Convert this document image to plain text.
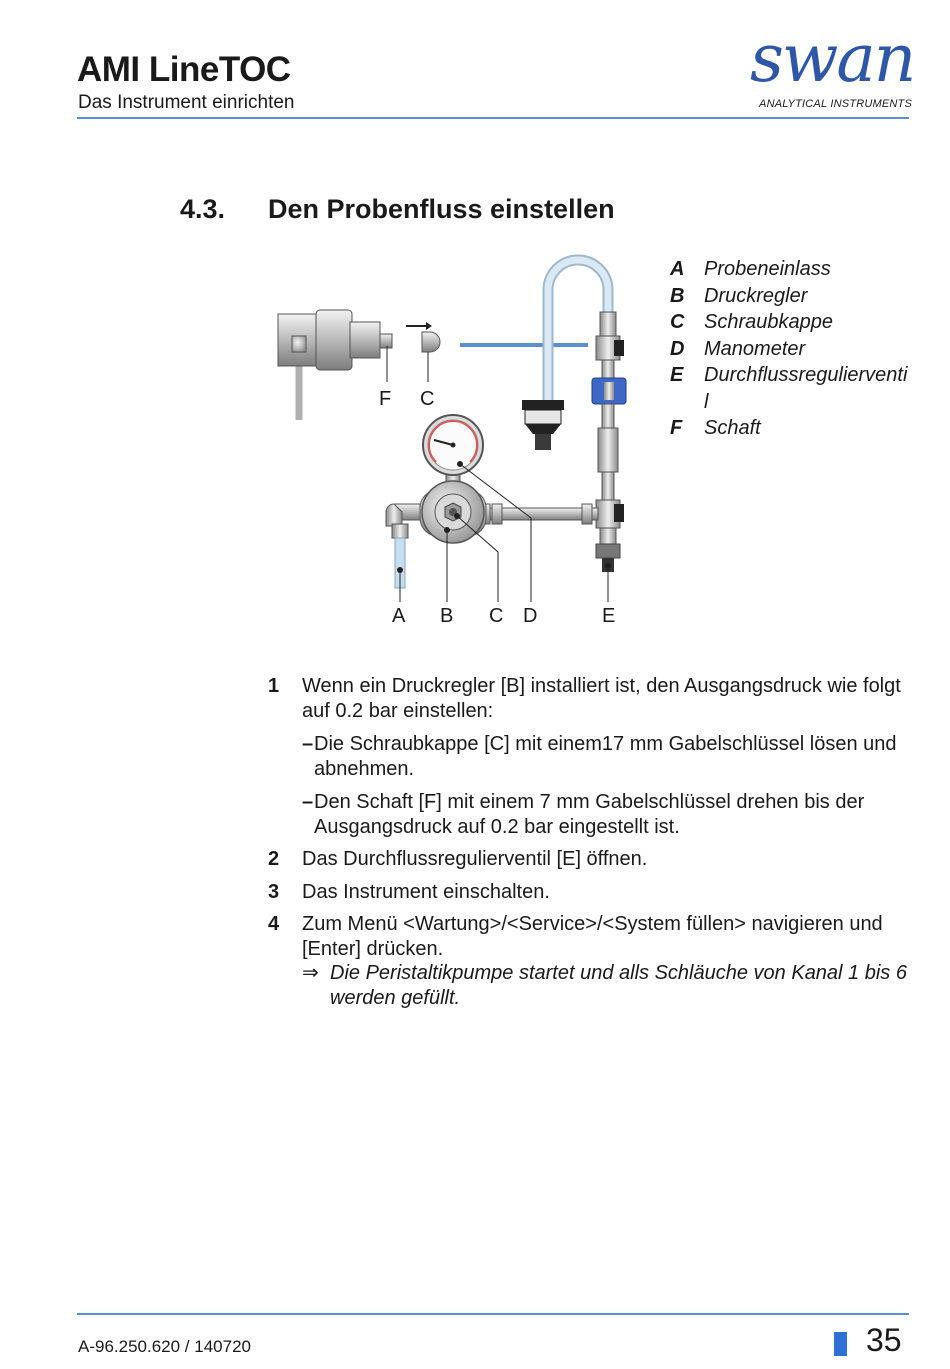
AMI LineTOC
Das Instrument einrichten
swan
ANALYTICAL INSTRUMENTS
4.3. Den Probenfluss einstellen
F C
A B C D	E
A Probeneinlass
B Druckregler
C Schraubkappe
D Manometer
E Durchflussregulierventil
F Schaft
1 Wenn ein Druckregler [B] installiert ist, den Ausgangsdruck wie folgt auf 0.2 bar einstellen:
– Die Schraubkappe [C] mit einem17 mm Gabelschlüssel lösen und abnehmen.
– Den Schaft [F] mit einem 7 mm Gabelschlüssel drehen bis der Ausgangsdruck auf 0.2 bar eingestellt ist.
2 Das Durchflussregulierventil [E] öffnen.
3 Das Instrument einschalten.
4 Zum Menü <Wartung>/<Service>/<System füllen> navigieren und [Enter] drücken.
⇒ Die Peristaltikpumpe startet und alls Schläuche von Kanal 1 bis 6 werden gefüllt.
A-96.250.620 / 140720	35
